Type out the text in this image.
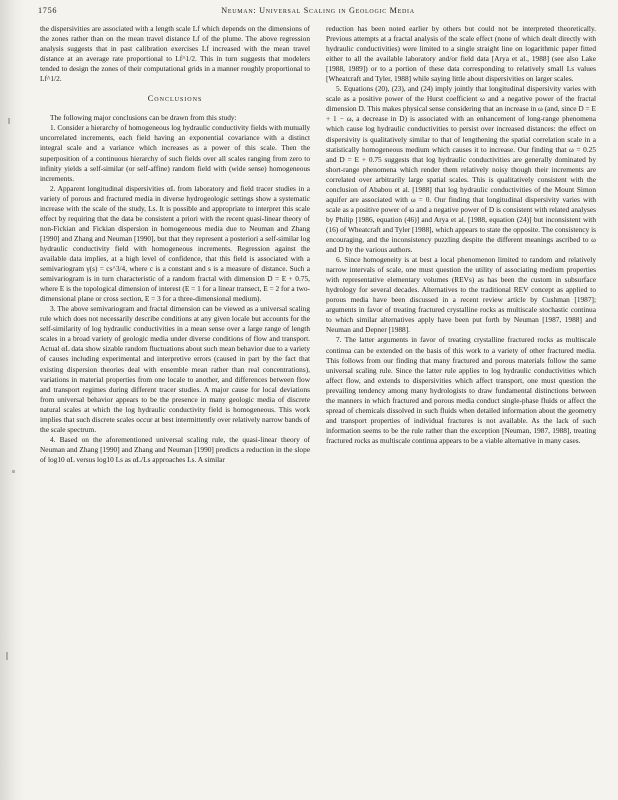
1756	Neuman: Universal Scaling in Geologic Media

the dispersivities are associated with a length scale Lf which depends on the dimensions of the zones rather than on the mean travel distance Lf of the plume. The above regression analysis suggests that in past calibration exercises Lf increased with the mean travel distance at an average rate proportional to Lf^1/2. This in turn suggests that modelers tended to design the zones of their computational grids in a manner roughly proportional to Lf^1/2.

Conclusions

The following major conclusions can be drawn from this study:

1. Consider a hierarchy of homogeneous log hydraulic conductivity fields with mutually uncorrelated increments, each field having an exponential covariance with a distinct integral scale and a variance which increases as a power of this scale. Then the superposition of a continuous hierarchy of such fields over all scales ranging from zero to infinity yields a self-similar (or self-affine) random field with (wide sense) homogeneous increments.

2. Apparent longitudinal dispersivities αL from laboratory and field tracer studies in a variety of porous and fractured media in diverse hydrogeologic settings show a systematic increase with the scale of the study, Ls. It is possible and appropriate to interpret this scale effect by requiring that the data be consistent a priori with the recent quasi-linear theory of non-Fickian and Fickian dispersion in homogeneous media due to Neuman and Zhang [1990] and Zhang and Neuman [1990], but that they represent a posteriori a self-similar log hydraulic conductivity field with homogeneous increments. Regression against the available data implies, at a high level of confidence, that this field is associated with a semivariogram γ(s) = cs^3/4, where c is a constant and s is a measure of distance. Such a semivariogram is in turn characteristic of a random fractal with dimension D = E + 0.75, where E is the topological dimension of interest (E = 1 for a linear transect, E = 2 for a two-dimensional plane or cross section, E = 3 for a three-dimensional medium).

3. The above semivariogram and fractal dimension can be viewed as a universal scaling rule which does not necessarily describe conditions at any given locale but accounts for the self-similarity of log hydraulic conductivities in a mean sense over a large range of length scales in a broad variety of geologic media under diverse conditions of flow and transport. Actual αL data show sizable random fluctuations about such mean behavior due to a variety of causes including experimental and interpretive errors (caused in part by the fact that existing dispersion theories deal with ensemble mean rather than real concentrations), variations in material properties from one locale to another, and differences between flow and transport regimes during different tracer studies. A major cause for local deviations from universal behavior appears to be the presence in many geologic media of discrete natural scales at which the log hydraulic conductivity field is homogeneous. This work implies that such discrete scales occur at best intermittently over relatively narrow bands of the scale spectrum.

4. Based on the aforementioned universal scaling rule, the quasi-linear theory of Neuman and Zhang [1990] and Zhang and Neuman [1990] predicts a reduction in the slope of log10 αL versus log10 Ls as αL/Ls approaches Ls. A similar

reduction has been noted earlier by others but could not be interpreted theoretically. Previous attempts at a fractal analysis of the scale effect (none of which dealt directly with hydraulic conductivities) were limited to a single straight line on logarithmic paper fitted either to all the available laboratory and/or field data [Arya et al., 1988] (see also Lake [1988, 1989]) or to a portion of these data corresponding to relatively small Ls values [Wheatcraft and Tyler, 1988] while saying little about dispersivities on larger scales.

5. Equations (20), (23), and (24) imply jointly that longitudinal dispersivity varies with scale as a positive power of the Hurst coefficient ω and a negative power of the fractal dimension D. This makes physical sense considering that an increase in ω (and, since D = E + 1 − ω, a decrease in D) is associated with an enhancement of long-range phenomena which cause log hydraulic conductivities to persist over increased distances: the effect on dispersivity is qualitatively similar to that of lengthening the spatial correlation scale in a statistically homogeneous medium which causes it to increase. Our finding that ω = 0.25 and D = E + 0.75 suggests that log hydraulic conductivities are generally dominated by short-range phenomena which render them relatively noisy though their increments are correlated over arbitrarily large spatial scales. This is qualitatively consistent with the conclusion of Ababou et al. [1988] that log hydraulic conductivities of the Mount Simon aquifer are associated with ω = 0. Our finding that longitudinal dispersivity varies with scale as a positive power of ω and a negative power of D is consistent with related analyses by Philip [1986, equation (46)] and Arya et al. [1988, equation (24)] but inconsistent with (16) of Wheatcraft and Tyler [1988], which appears to state the opposite. The consistency is encouraging, and the inconsistency puzzling despite the different meanings ascribed to ω and D by the various authors.

6. Since homogeneity is at best a local phenomenon limited to random and relatively narrow intervals of scale, one must question the utility of associating medium properties with representative elementary volumes (REVs) as has been the custom in subsurface hydrology for several decades. Alternatives to the traditional REV concept as applied to porous media have been discussed in a recent review article by Cushman [1987]; arguments in favor of treating fractured crystalline rocks as multiscale stochastic continua to which similar alternatives apply have been put forth by Neuman [1987, 1988] and Neuman and Depner [1988].

7. The latter arguments in favor of treating crystalline fractured rocks as multiscale continua can be extended on the basis of this work to a variety of other fractured media. This follows from our finding that many fractured and porous materials follow the same universal scaling rule. Since the latter rule applies to log hydraulic conductivities which affect flow, and extends to dispersivities which affect transport, one must question the prevailing tendency among many hydrologists to draw fundamental distinctions between the manners in which fractured and porous media conduct single-phase fluids or affect the spread of chemicals dissolved in such fluids when detailed information about the geometry and transport properties of individual fractures is not available. As the lack of such information seems to be the rule rather than the exception [Neuman, 1987, 1988], treating fractured rocks as multiscale continua appears to be a viable alternative in many cases.
